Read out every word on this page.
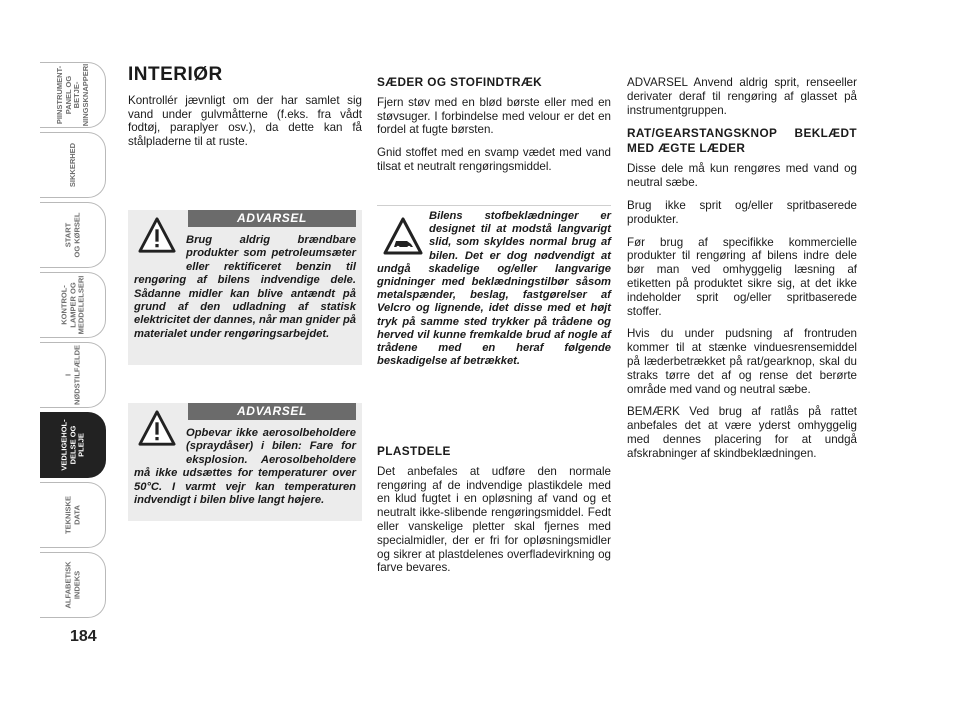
PIINSTRUMENT-
PANEL OG BETJE-
NINGSKNAPPERI
SIKKERHED
START
OG KØRSEL
KONTROL-
LAMPER OG
MEDDELELSERI
I
NØDSTILFÆLDE
VEDLIGEHOL-
DELSE OG
PLEJE
TEKNISKE
DATA
ALFABETISK
INDEKS
184
INTERIØR

Kontrollér jævnligt om der har samlet sig vand under gulvmåtterne (f.eks. fra vådt fodtøj, paraplyer osv.), da dette kan få stålpladerne til at ruste.

ADVARSEL
Brug aldrig brændbare produkter som petroleumsæter eller rektificeret benzin til rengøring af bilens indvendige dele. Sådanne midler kan blive antændt på grund af den udladning af statisk elektricitet der dannes, når man gnider på materialet under rengøringsarbejdet.
ADVARSEL
Opbevar ikke aerosolbeholdere (spraydåser) i bilen: Fare for eksplosion. Aerosolbeholdere må ikke udsættes for temperaturer over 50°C. I varmt vejr kan temperaturen indvendigt i bilen blive langt højere.
SÆDER OG STOFINDTRÆK

Fjern støv med en blød børste eller med en støvsuger. I forbindelse med velour er det en fordel at fugte børsten.

Gnid stoffet med en svamp vædet med vand tilsat et neutralt rengøringsmiddel.

Bilens stofbeklædninger er designet til at modstå langvarigt slid, som skyldes normal brug af bilen. Det er dog nødvendigt at undgå skadelige og/eller langvarige gnidninger med beklædningstilbør såsom metalspænder, beslag, fastgørelser af Velcro og lignende, idet disse med et højt tryk på samme sted trykker på trådene og herved vil kunne fremkalde brud af nogle af trådene med en heraf følgende beskadigelse af betrækket.
PLASTDELE

Det anbefales at udføre den normale rengøring af de indvendige plastikdele med en klud fugtet i en opløsning af vand og et neutralt ikke-slibende rengøringsmiddel. Fedt eller vanskelige pletter skal fjernes med specialmidler, der er fri for opløsningsmidler og sikrer at plastdelenes overfladevirkning og farve bevares.

ADVARSEL Anvend aldrig sprit, renseeller derivater deraf til rengøring af glasset på instrumentgruppen.

RAT/GEARSTANGSKNOP BEKLÆDT MED ÆGTE LÆDER

Disse dele må kun rengøres med vand og neutral sæbe.

Brug ikke sprit og/eller spritbaserede produkter.

Før brug af specifikke kommercielle produkter til rengøring af bilens indre dele bør man ved omhyggelig læsning af etiketten på produktet sikre sig, at det ikke indeholder sprit og/eller spritbaserede stoffer.

Hvis du under pudsning af frontruden kommer til at stænke vinduesrensemiddel på læderbetrækket på rat/gearknop, skal du straks tørre det af og rense det berørte område med vand og neutral sæbe.

BEMÆRK Ved brug af ratlås på rattet anbefales det at være yderst omhyggelig med dennes placering for at undgå afskrabninger af skindbeklædningen.
